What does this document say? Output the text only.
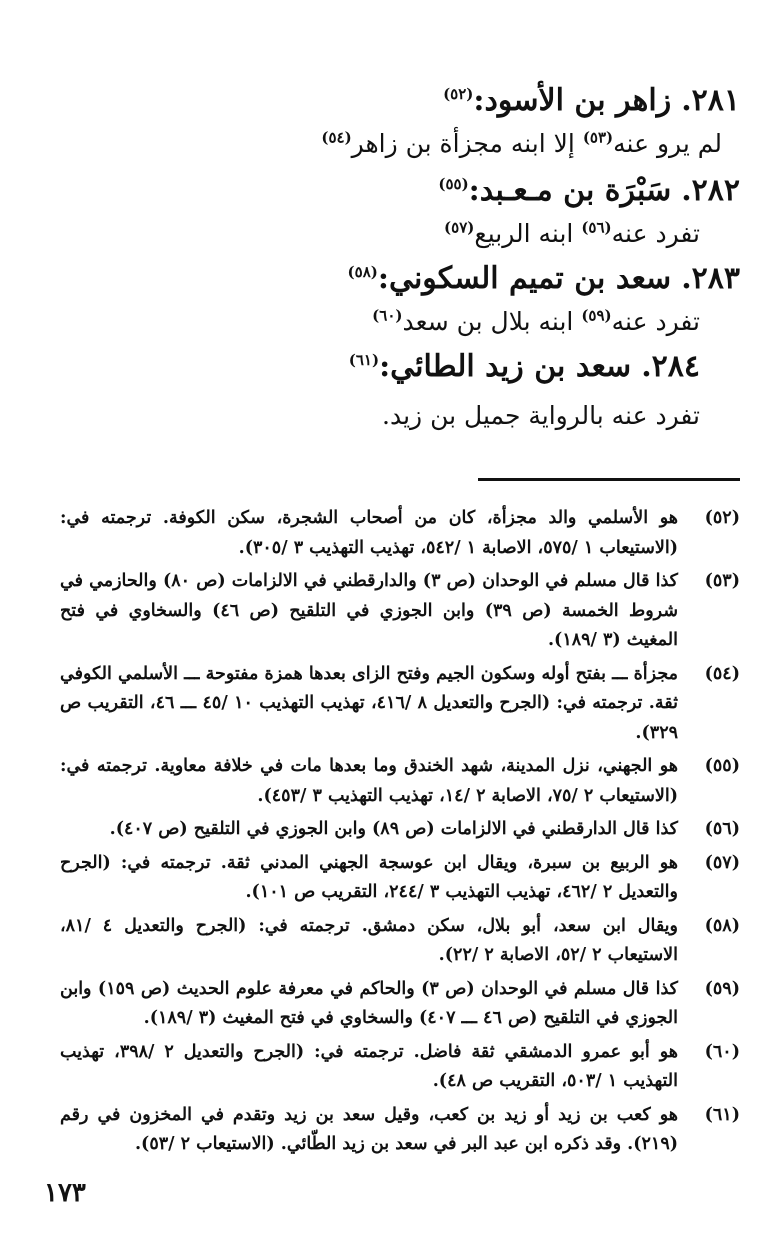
٢٨١.زاهر بن الأسود:$^{(٥٢)}$
لم يرو عنه$^{(٥٣)}$ إلا ابنه مجزأة بن زاهر$^{(٥٤)}$
٢٨٢.سَبْرَة بن مـعـبد:$^{(٥٥)}$
تفرد عنه$^{(٥٦)}$ ابنه الربيع$^{(٥٧)}$
٢٨٣.سعد بن تميم السكوني:$^{(٥٨)}$
تفرد عنه$^{(٥٩)}$ ابنه بلال بن سعد$^{(٦٠)}$
٢٨٤.سعد بن زيد الطائي:$^{(٦١)}$
تفرد عنه بالرواية جميل بن زيد.
(٥٢)
هو الأسلمي والد مجزأة، كان من أصحاب الشجرة، سكن الكوفة. ترجمته في: (الاستيعاب ١ /٥٧٥، الاصابة ١ /٥٤٢، تهذيب التهذيب ٣ /٣٠٥).
(٥٣)
كذا قال مسلم في الوحدان (ص ٣) والدارقطني في الالزامات (ص ٨٠) والحازمي في شروط الخمسة (ص ٣٩) وابن الجوزي في التلقيح (ص ٤٦) والسخاوي في فتح المغيث (٣ /١٨٩).
(٥٤)
مجزأة ـــ بفتح أوله وسكون الجيم وفتح الزاى بعدها همزة مفتوحة ـــ الأسلمي الكوفي ثقة. ترجمته في: (الجرح والتعديل ٨ /٤١٦، تهذيب التهذيب ١٠ /٤٥ ـــ ٤٦، التقريب ص ٣٢٩).
(٥٥)
هو الجهني، نزل المدينة، شهد الخندق وما بعدها مات في خلافة معاوية. ترجمته في: (الاستيعاب ٢ /٧٥، الاصابة ٢ /١٤، تهذيب التهذيب ٣ /٤٥٣).
(٥٦)
كذا قال الدارقطني في الالزامات (ص ٨٩) وابن الجوزي في التلقيح (ص ٤٠٧).
(٥٧)
هو الربيع بن سبرة، ويقال ابن عوسجة الجهني المدني ثقة. ترجمته في: (الجرح والتعديل ٢ /٤٦٢، تهذيب التهذيب ٣ /٢٤٤، التقريب ص ١٠١).
(٥٨)
ويقال ابن سعد، أبو بلال، سكن دمشق. ترجمته في: (الجرح والتعديل ٤ /٨١، الاستيعاب ٢ /٥٢، الاصابة ٢ /٢٢).
(٥٩)
كذا قال مسلم في الوحدان (ص ٣) والحاكم في معرفة علوم الحديث (ص ١٥٩) وابن الجوزي في التلقيح (ص ٤٦ ـــ ٤٠٧) والسخاوي في فتح المغيث (٣ /١٨٩).
(٦٠)
هو أبو عمرو الدمشقي ثقة فاضل. ترجمته في: (الجرح والتعديل ٢ /٣٩٨، تهذيب التهذيب ١ /٥٠٣، التقريب ص ٤٨).
(٦١)
هو كعب بن زيد أو زيد بن كعب، وقيل سعد بن زيد وتقدم في المخزون في رقم (٢١٩). وقد ذكره ابن عبد البر في سعد بن زيد الطّائي. (الاستيعاب ٢ /٥٣).
١٧٣
